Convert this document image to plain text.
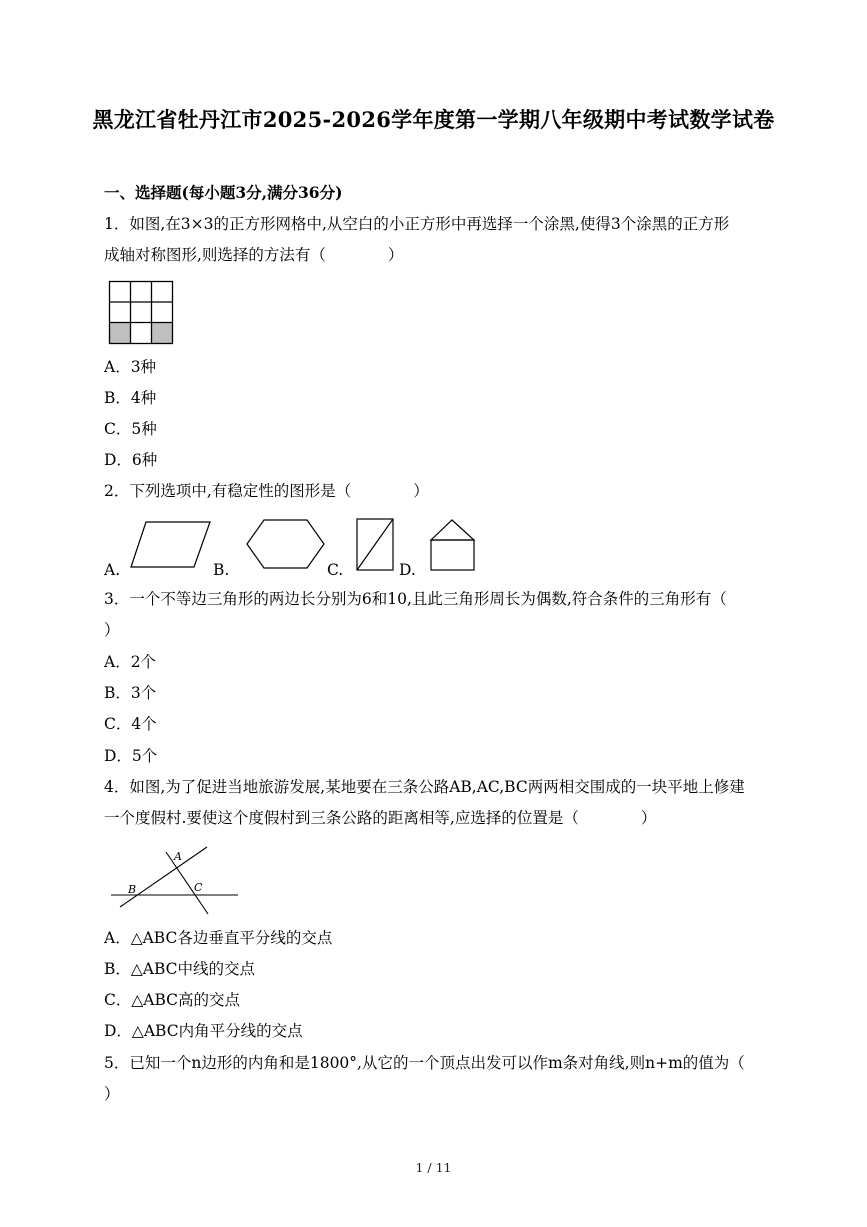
黑龙江省牡丹江市2025-2026学年度第一学期八年级期中考试数学试卷
一、选择题(每小题3分,满分36分)
1．如图,在3×3的正方形网格中,从空白的小正方形中再选择一个涂黑,使得3个涂黑的正方形
成轴对称图形,则选择的方法有（　　　　）
A．3种
B．4种
C．5种
D．6种
2．下列选项中,有稳定性的图形是（　　　　）
A.	B.	C.	D.
3．一个不等边三角形的两边长分别为6和10,且此三角形周长为偶数,符合条件的三角形有（
）
A．2个
B．3个
C．4个
D．5个
4．如图,为了促进当地旅游发展,某地要在三条公路AB,AC,BC两两相交围成的一块平地上修建
一个度假村.要使这个度假村到三条公路的距离相等,应选择的位置是（　　　　）
A
B	C
A．△ABC各边垂直平分线的交点
B．△ABC中线的交点
C．△ABC高的交点
D．△ABC内角平分线的交点
5．已知一个n边形的内角和是1800°,从它的一个顶点出发可以作m条对角线,则n+m的值为（
）
1 / 11
